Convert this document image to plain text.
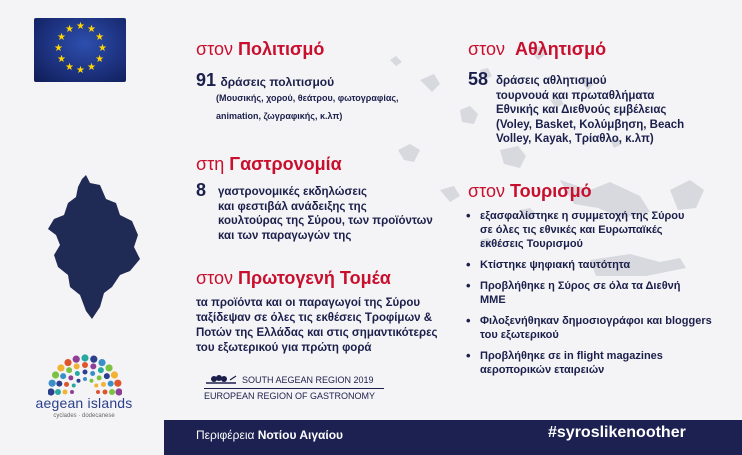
★
★
★
★
★
★
★
★
★ ★ ★
★
στον Πολιτισμό
91 δράσεις πολιτισμού
(Μουσικής, χορού, θεάτρου, φωτογραφίας,
animation, ζωγραφικής, κ.λπ)
στη Γαστρονομία
8 γαστρονομικές εκδηλώσεις
και φεστιβάλ ανάδειξης της
κουλτούρας της Σύρου, των προϊόντων
και των παραγωγών της
στον Πρωτογενή Τομέα
τα προϊόντα και οι παραγωγοί της Σύρου
ταξίδεψαν σε όλες τις εκθέσεις Τροφίμων &
Ποτών της Ελλάδας και στις σημαντικότερες
του εξωτερικού για πρώτη φορά
στον Αθλητισμό
58 δράσεις αθλητισμού
τουρνουά και πρωταθλήματα
Εθνικής και Διεθνούς εμβέλειας
(Voley, Basket, Κολύμβηση, Beach
Volley, Kayak, Τρίαθλο, κ.λπ)
στον Τουρισμό
• εξασφαλίστηκε η συμμετοχή της Σύρου
σε όλες τις εθνικές και Ευρωπαϊκές
εκθέσεις Τουρισμού
• Κτίστηκε ψηφιακή ταυτότητα
• Προβλήθηκε η Σύρος σε όλα τα Διεθνή
ΜΜΕ
• Φιλοξενήθηκαν δημοσιογράφοι και bloggers
του εξωτερικού
• Προβλήθηκε σε in flight magazines
αεροπορικών εταιρειών
aegean islands
cyclades · dodecanese
SOUTH AEGEAN REGION 2019
EUROPEAN REGION OF GASTRONOMY
Περιφέρεια Νοτίου Αιγαίου	#syroslikenoother
